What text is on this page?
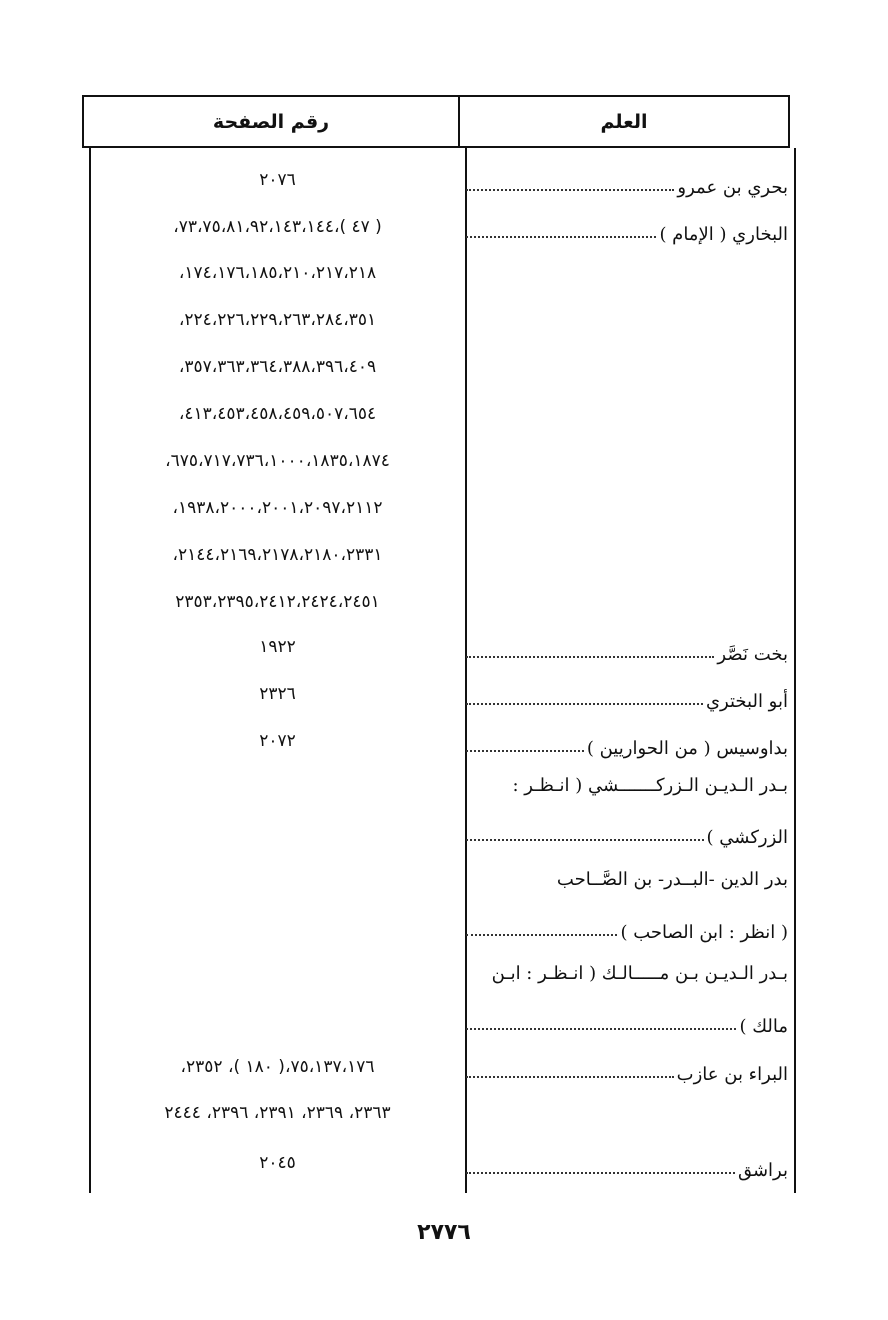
العلم
رقم الصفحة
بحري بن عمرو
٢٠٧٦
البخاري ( الإمام )
( ٤٧ )،٧٣،٧٥،٨١،٩٢،١٤٣،١٤٤،
١٧٤،١٧٦،١٨٥،٢١٠،٢١٧،٢١٨،
٢٢٤،٢٢٦،٢٢٩،٢٦٣،٢٨٤،٣٥١،
٣٥٧،٣٦٣،٣٦٤،٣٨٨،٣٩٦،٤٠٩،
٤١٣،٤٥٣،٤٥٨،٤٥٩،٥٠٧،٦٥٤،
٦٧٥،٧١٧،٧٣٦،١٠٠٠،١٨٣٥،١٨٧٤،
١٩٣٨،٢٠٠٠،٢٠٠١،٢٠٩٧،٢١١٢،
٢١٤٤،٢١٦٩،٢١٧٨،٢١٨٠،٢٣٣١،
٢٣٥٣،٢٣٩٥،٢٤١٢،٢٤٢٤،٢٤٥١
بخت نَصَّر
١٩٢٢
أبو البختري
٢٣٢٦
بداوسيس ( من الحواريين )
٢٠٧٢
بـدر الـديـن الـزركـــــــشي ( انـظـر :
الزركشي )
بدر الدين -البــدر- بن الصَّــاحب
( انظر : ابن الصاحب )
بـدر الـديـن بـن مـــــالـك ( انـظـر : ابـن
مالك )
البراء بن عازب
٧٥،١٣٧،١٧٦،( ١٨٠ )، ٢٣٥٢،
٢٣٦٣، ٢٣٦٩، ٢٣٩١، ٢٣٩٦، ٢٤٤٤
براشق
٢٠٤٥
٢٧٧٦
